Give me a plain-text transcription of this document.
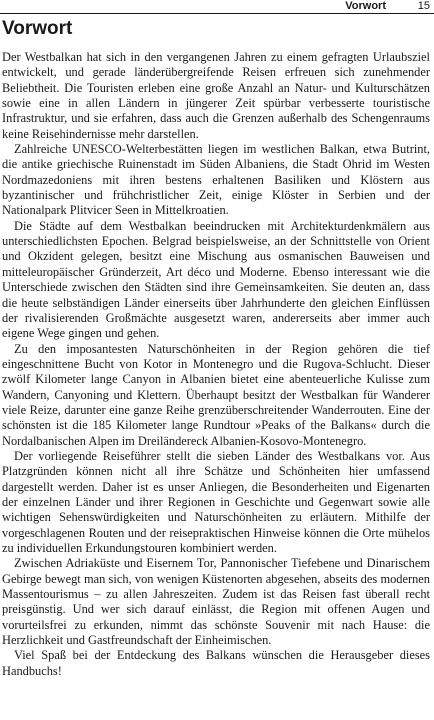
Vorwort	15
Vorwort

Der Westbalkan hat sich in den vergangenen Jahren zu einem gefragten Urlaubsziel entwickelt, und gerade länderübergreifende Reisen erfreuen sich zunehmender Beliebtheit. Die Touristen erleben eine große Anzahl an Natur- und Kulturschätzen sowie eine in allen Ländern in jüngerer Zeit spürbar verbesserte touristische Infrastruktur, und sie erfahren, dass auch die Grenzen außerhalb des Schengenraums keine Reisehindernisse mehr darstellen.

Zahlreiche UNESCO-Welterbestätten liegen im westlichen Balkan, etwa Butrint, die antike griechische Ruinenstadt im Süden Albaniens, die Stadt Ohrid im Westen Nordmazedoniens mit ihren bestens erhaltenen Basiliken und Klöstern aus byzantinischer und frühchristlicher Zeit, einige Klöster in Serbien und der Nationalpark Plitvicer Seen in Mittelkroatien.

Die Städte auf dem Westbalkan beeindrucken mit Architekturdenkmälern aus unterschiedlichsten Epochen. Belgrad beispielsweise, an der Schnittstelle von Orient und Okzident gelegen, besitzt eine Mischung aus osmanischen Bauweisen und mitteleuropäischer Gründerzeit, Art déco und Moderne. Ebenso interessant wie die Unterschiede zwischen den Städten sind ihre Gemeinsamkeiten. Sie deuten an, dass die heute selbständigen Länder einerseits über Jahrhunderte den gleichen Einflüssen der rivalisierenden Großmächte ausgesetzt waren, andererseits aber immer auch eigene Wege gingen und gehen.

Zu den imposantesten Naturschönheiten in der Region gehören die tief eingeschnittene Bucht von Kotor in Montenegro und die Rugova-Schlucht. Dieser zwölf Kilometer lange Canyon in Albanien bietet eine abenteuerliche Kulisse zum Wandern, Canyoning und Klettern. Überhaupt besitzt der Westbalkan für Wanderer viele Reize, darunter eine ganze Reihe grenzüberschreitender Wanderrouten. Eine der schönsten ist die 185 Kilometer lange Rundtour »Peaks of the Balkans« durch die Nordalbanischen Alpen im Dreiländereck Albanien-Kosovo-Montenegro.

Der vorliegende Reiseführer stellt die sieben Länder des Westbalkans vor. Aus Platzgründen können nicht all ihre Schätze und Schönheiten hier umfassend dargestellt werden. Daher ist es unser Anliegen, die Besonderheiten und Eigenarten der einzelnen Länder und ihrer Regionen in Geschichte und Gegenwart sowie alle wichtigen Sehenswürdigkeiten und Naturschönheiten zu erläutern. Mithilfe der vorgeschlagenen Routen und der reisepraktischen Hinweise können die Orte mühelos zu individuellen Erkundungstouren kombiniert werden.

Zwischen Adriaküste und Eisernem Tor, Pannonischer Tiefebene und Dinarischem Gebirge bewegt man sich, von wenigen Küstenorten abgesehen, abseits des modernen Massentourismus – zu allen Jahreszeiten. Zudem ist das Reisen fast überall recht preisgünstig. Und wer sich darauf einlässt, die Region mit offenen Augen und vorurteilsfrei zu erkunden, nimmt das schönste Souvenir mit nach Hause: die Herzlichkeit und Gastfreundschaft der Einheimischen.

Viel Spaß bei der Entdeckung des Balkans wünschen die Herausgeber dieses Handbuchs!
